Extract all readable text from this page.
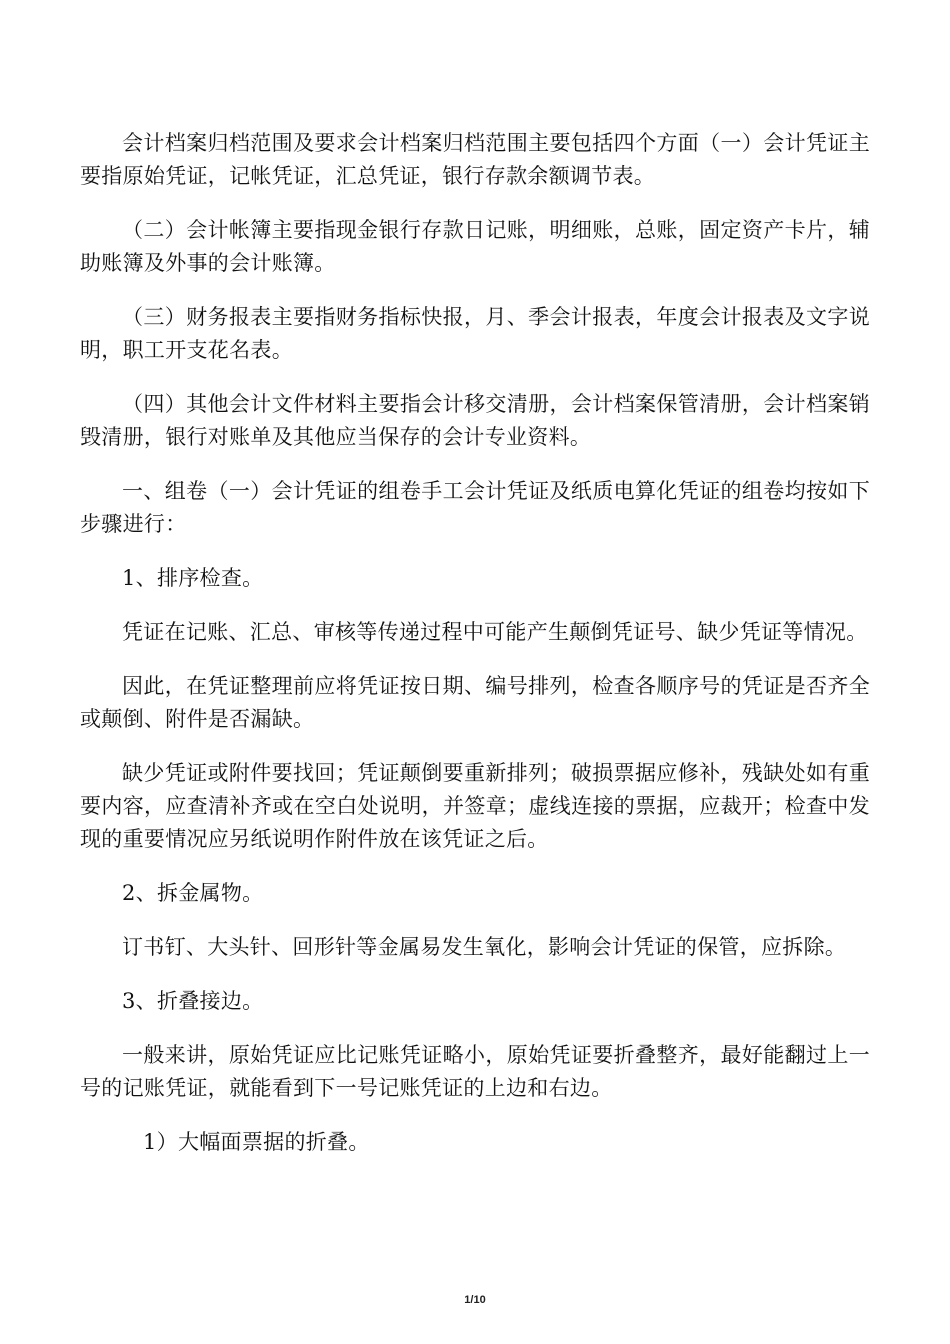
会计档案归档范围及要求会计档案归档范围主要包括四个方面（一）会计凭证主要指原始凭证，记帐凭证，汇总凭证，银行存款余额调节表。

（二）会计帐簿主要指现金银行存款日记账，明细账，总账，固定资产卡片，辅助账簿及外事的会计账簿。

（三）财务报表主要指财务指标快报，月、季会计报表，年度会计报表及文字说明，职工开支花名表。

（四）其他会计文件材料主要指会计移交清册，会计档案保管清册，会计档案销毁清册，银行对账单及其他应当保存的会计专业资料。

一、组卷（一）会计凭证的组卷手工会计凭证及纸质电算化凭证的组卷均按如下步骤进行：

1、排序检查。

凭证在记账、汇总、审核等传递过程中可能产生颠倒凭证号、缺少凭证等情况。

因此，在凭证整理前应将凭证按日期、编号排列，检查各顺序号的凭证是否齐全或颠倒、附件是否漏缺。

缺少凭证或附件要找回；凭证颠倒要重新排列；破损票据应修补，残缺处如有重要内容，应查清补齐或在空白处说明，并签章；虚线连接的票据，应裁开；检查中发现的重要情况应另纸说明作附件放在该凭证之后。

2、拆金属物。

订书钉、大头针、回形针等金属易发生氧化，影响会计凭证的保管，应拆除。

3、折叠接边。

一般来讲，原始凭证应比记账凭证略小，原始凭证要折叠整齐，最好能翻过上一号的记账凭证，就能看到下一号记账凭证的上边和右边。

1）大幅面票据的折叠。

1/10
